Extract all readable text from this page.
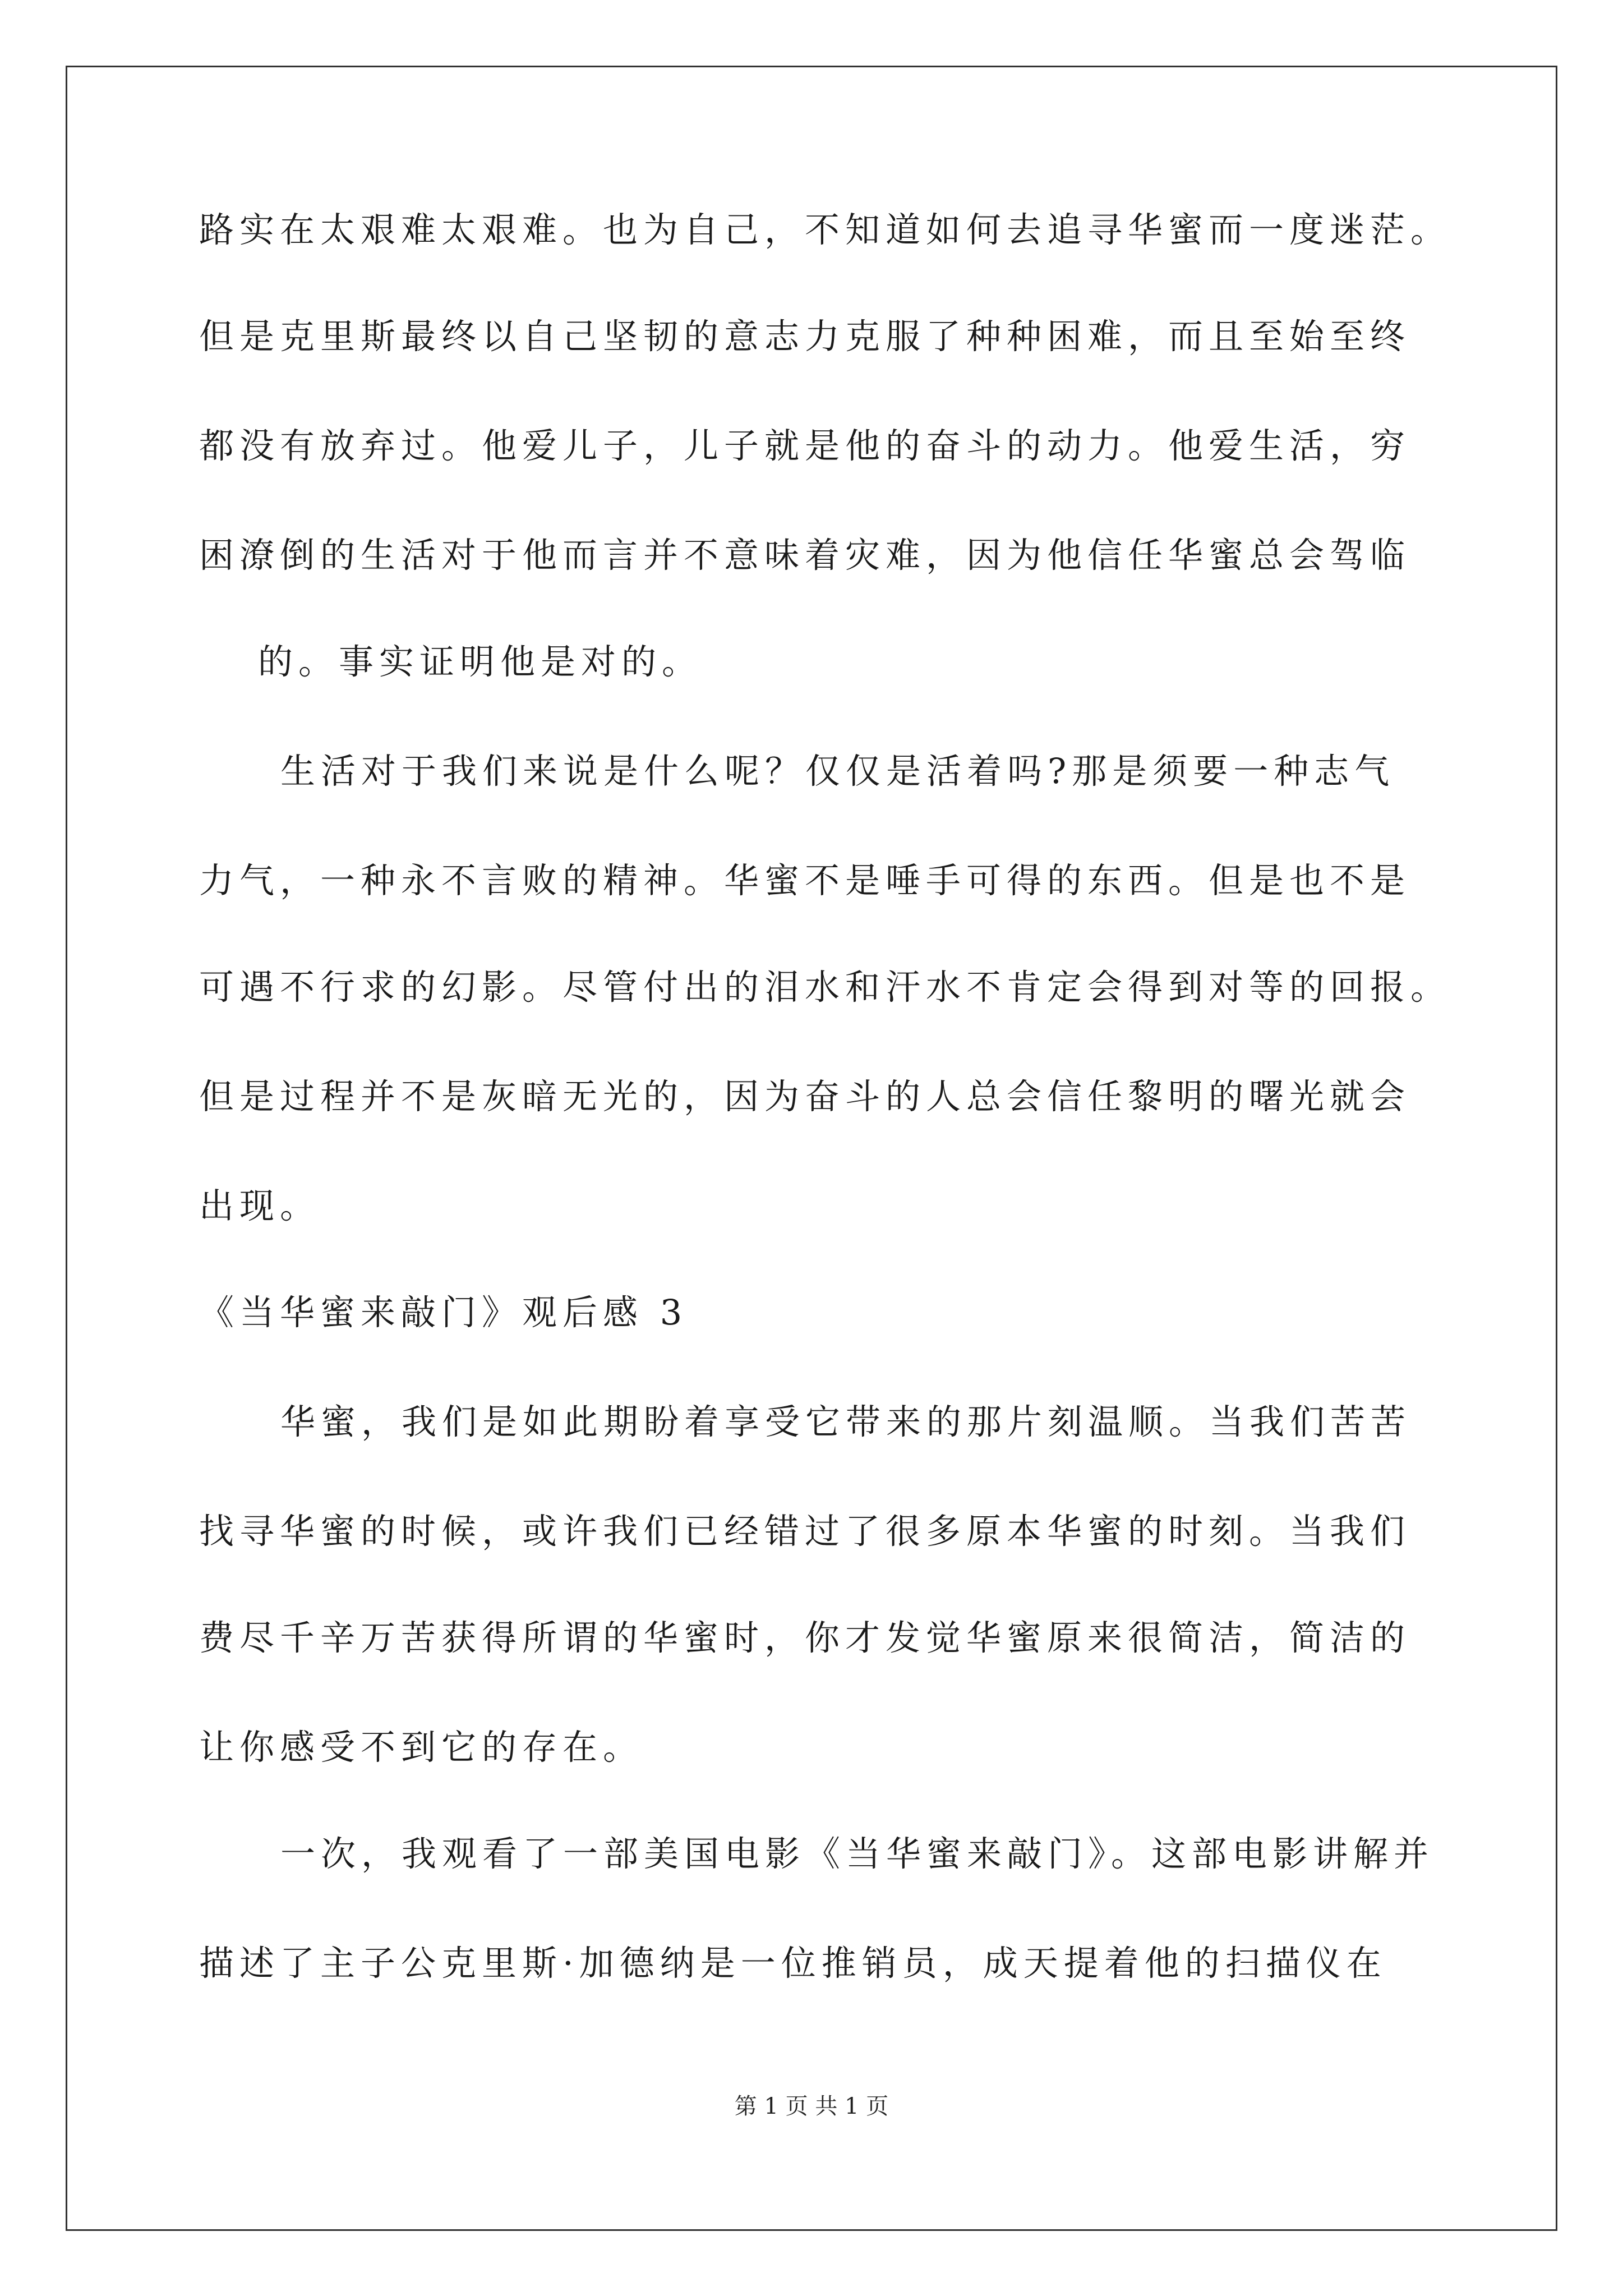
路实在太艰难太艰难。也为自己，不知道如何去追寻华蜜而一度迷茫。
但是克里斯最终以自己坚韧的意志力克服了种种困难，而且至始至终
都没有放弃过。他爱儿子，儿子就是他的奋斗的动力。他爱生活，穷
困潦倒的生活对于他而言并不意味着灾难，因为他信任华蜜总会驾临
的。事实证明他是对的。
生活对于我们来说是什么呢？仅仅是活着吗?那是须要一种志气
力气，一种永不言败的精神。华蜜不是唾手可得的东西。但是也不是
可遇不行求的幻影。尽管付出的泪水和汗水不肯定会得到对等的回报。
但是过程并不是灰暗无光的，因为奋斗的人总会信任黎明的曙光就会
出现。
《当华蜜来敲门》观后感 3
华蜜，我们是如此期盼着享受它带来的那片刻温顺。当我们苦苦
找寻华蜜的时候，或许我们已经错过了很多原本华蜜的时刻。当我们
费尽千辛万苦获得所谓的华蜜时，你才发觉华蜜原来很简洁，简洁的
让你感受不到它的存在。
一次，我观看了一部美国电影《当华蜜来敲门》。这部电影讲解并
描述了主子公克里斯·加德纳是一位推销员，成天提着他的扫描仪在
第 1 页 共 1 页
